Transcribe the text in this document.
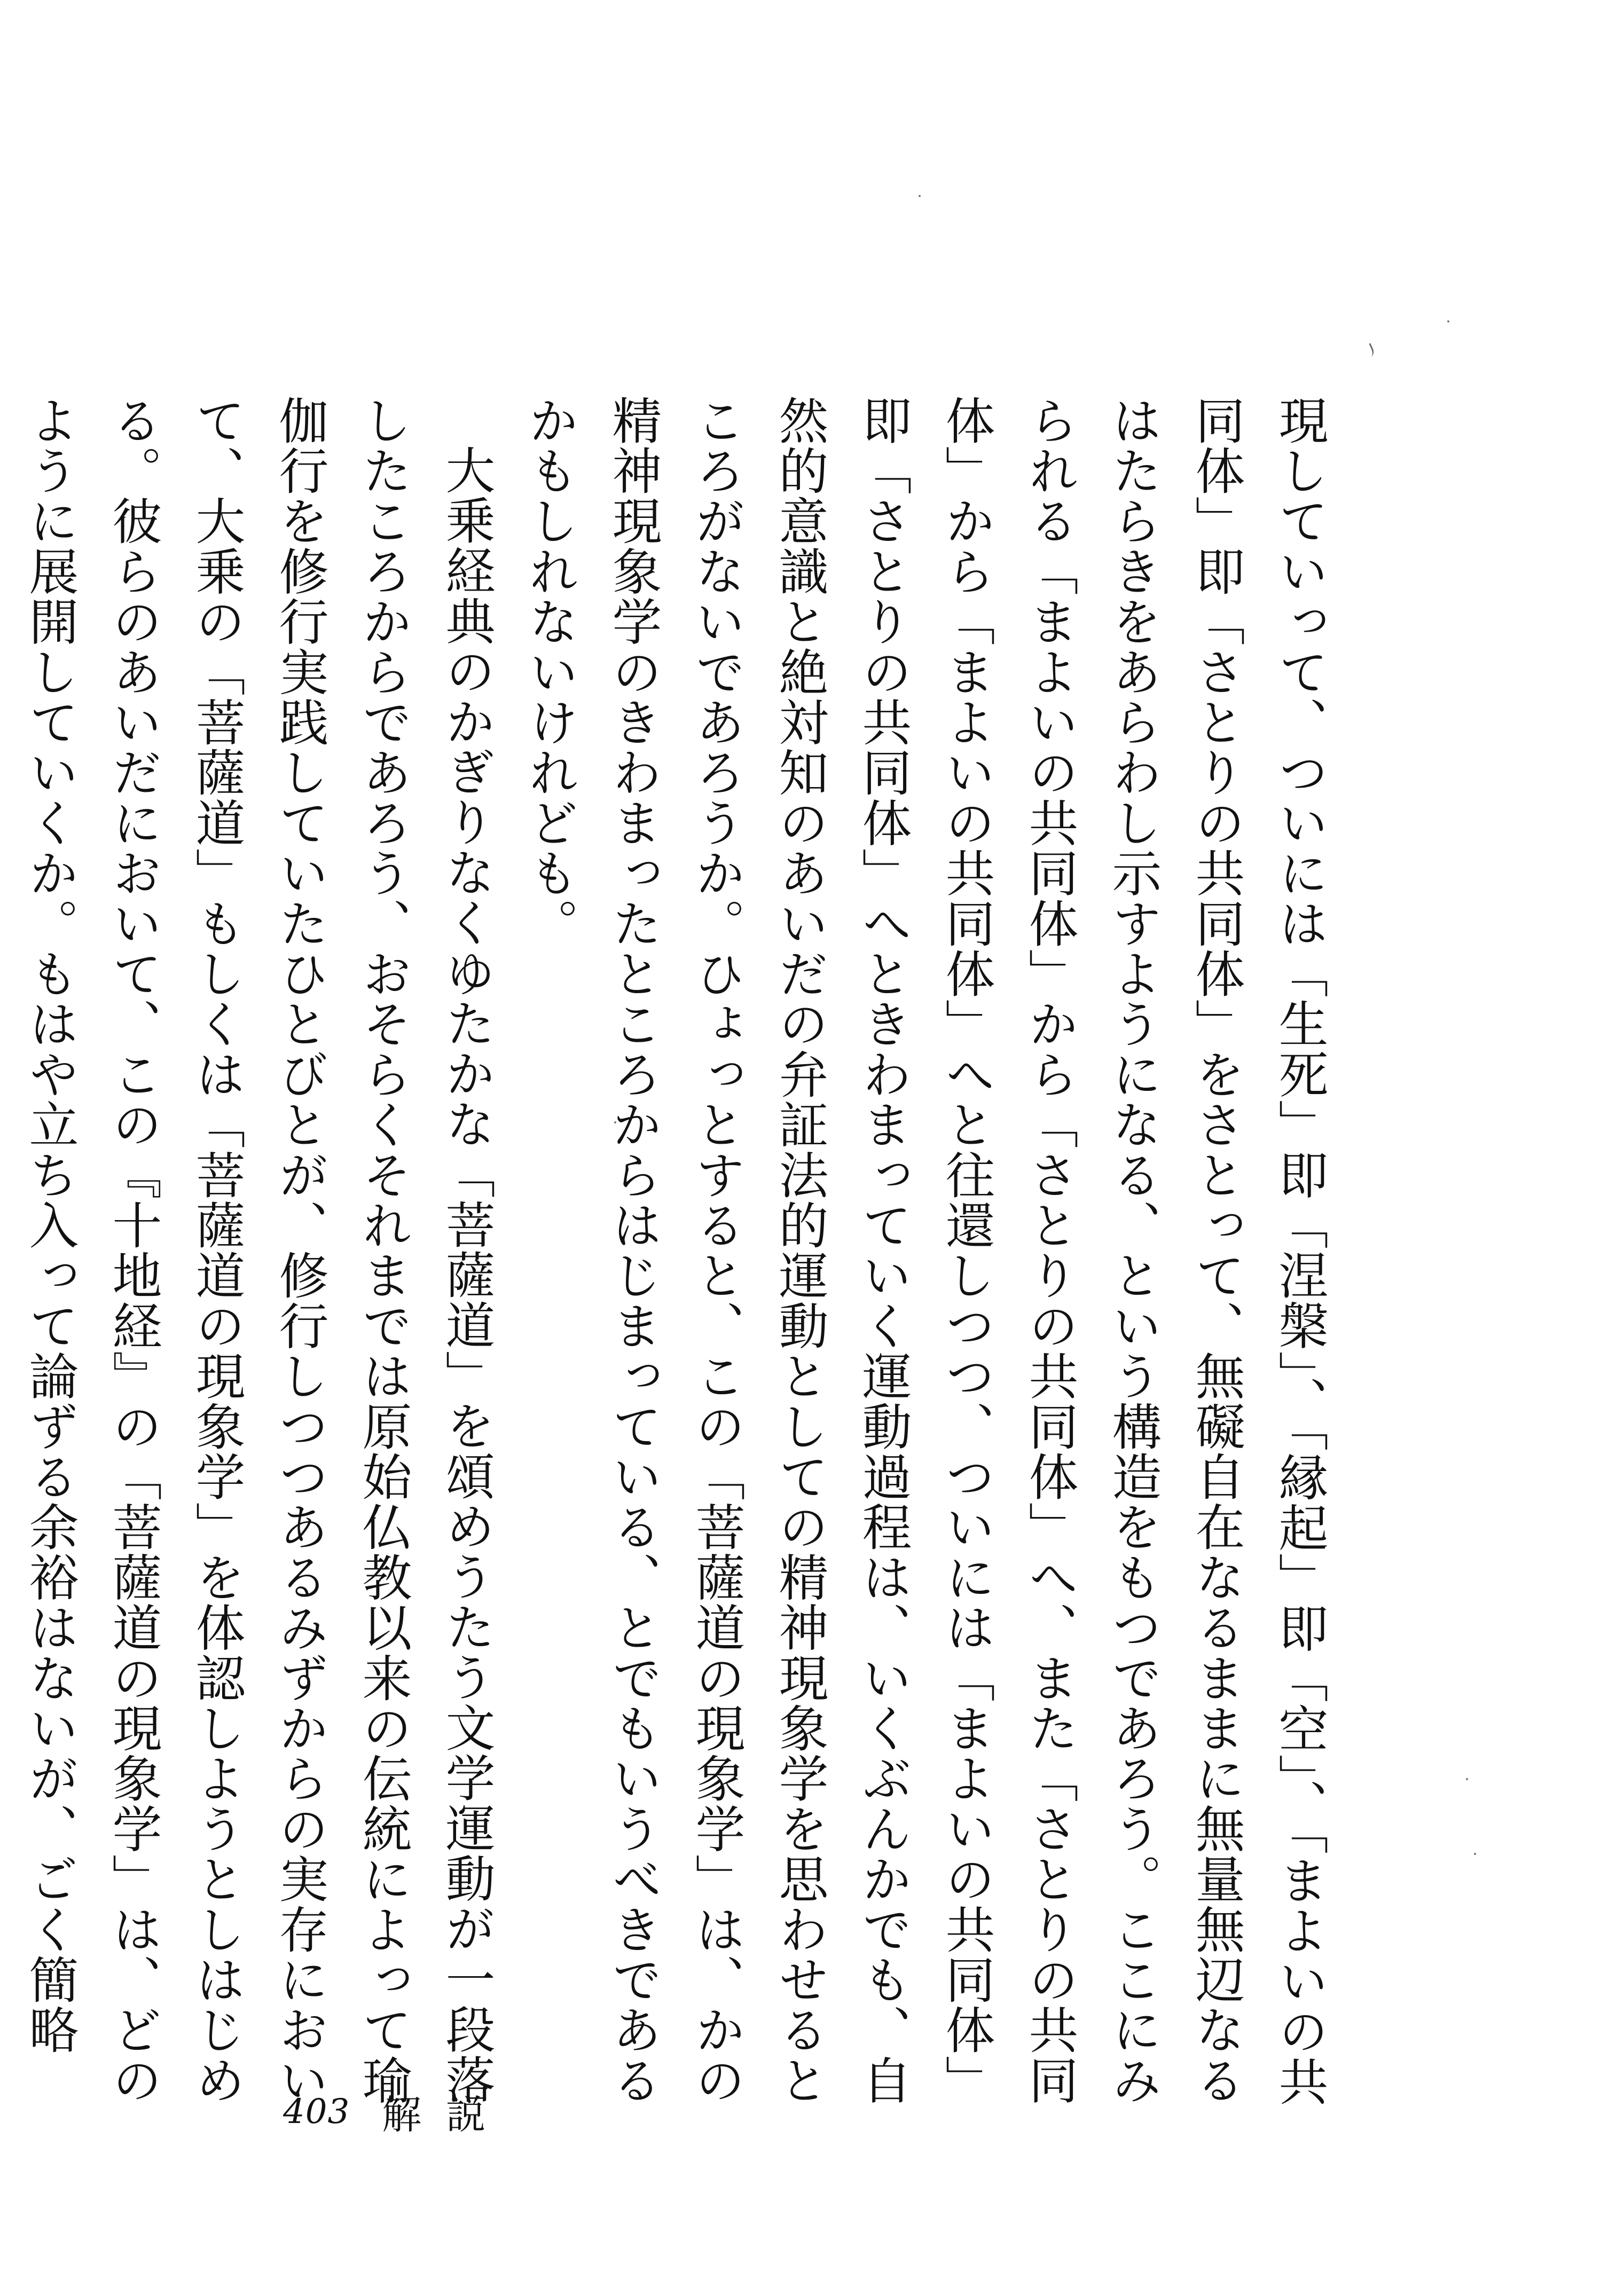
現していって、ついには「生死」即「涅槃」、「縁起」即「空」、「まよいの共同体」即「さとりの共同体」をさとって、無礙自在なるままに無量無辺なるはたらきをあらわし示すようになる、という構造をもつであろう。ここにみられる「まよいの共同体」から「さとりの共同体」へ、また「さとりの共同体」から「まよいの共同体」へと往還しつつ、ついには「まよいの共同体」即「さとりの共同体」へときわまっていく運動過程は、いくぶんかでも、自然的意識と絶対知のあいだの弁証法的運動としての精神現象学を思わせるところがないであろうか。ひょっとすると、この「菩薩道の現象学」は、かの精神現象学のきわまったところからはじまっている、とでもいうべきであるかもしれないけれども。

大乗経典のかぎりなくゆたかな「菩薩道」を頌めうたう文学運動が一段落したころからであろう、おそらくそれまでは原始仏教以来の伝統によって瑜伽行を修行実践していたひとびとが、修行しつつあるみずからの実存において、大乗の「菩薩道」もしくは「菩薩道の現象学」を体認しようとしはじめる。彼らのあいだにおいて、この『十地経』の「菩薩道の現象学」は、どのように展開していくか。もはや立ち入って論ずる余裕はないが、ごく簡略

403 解説
